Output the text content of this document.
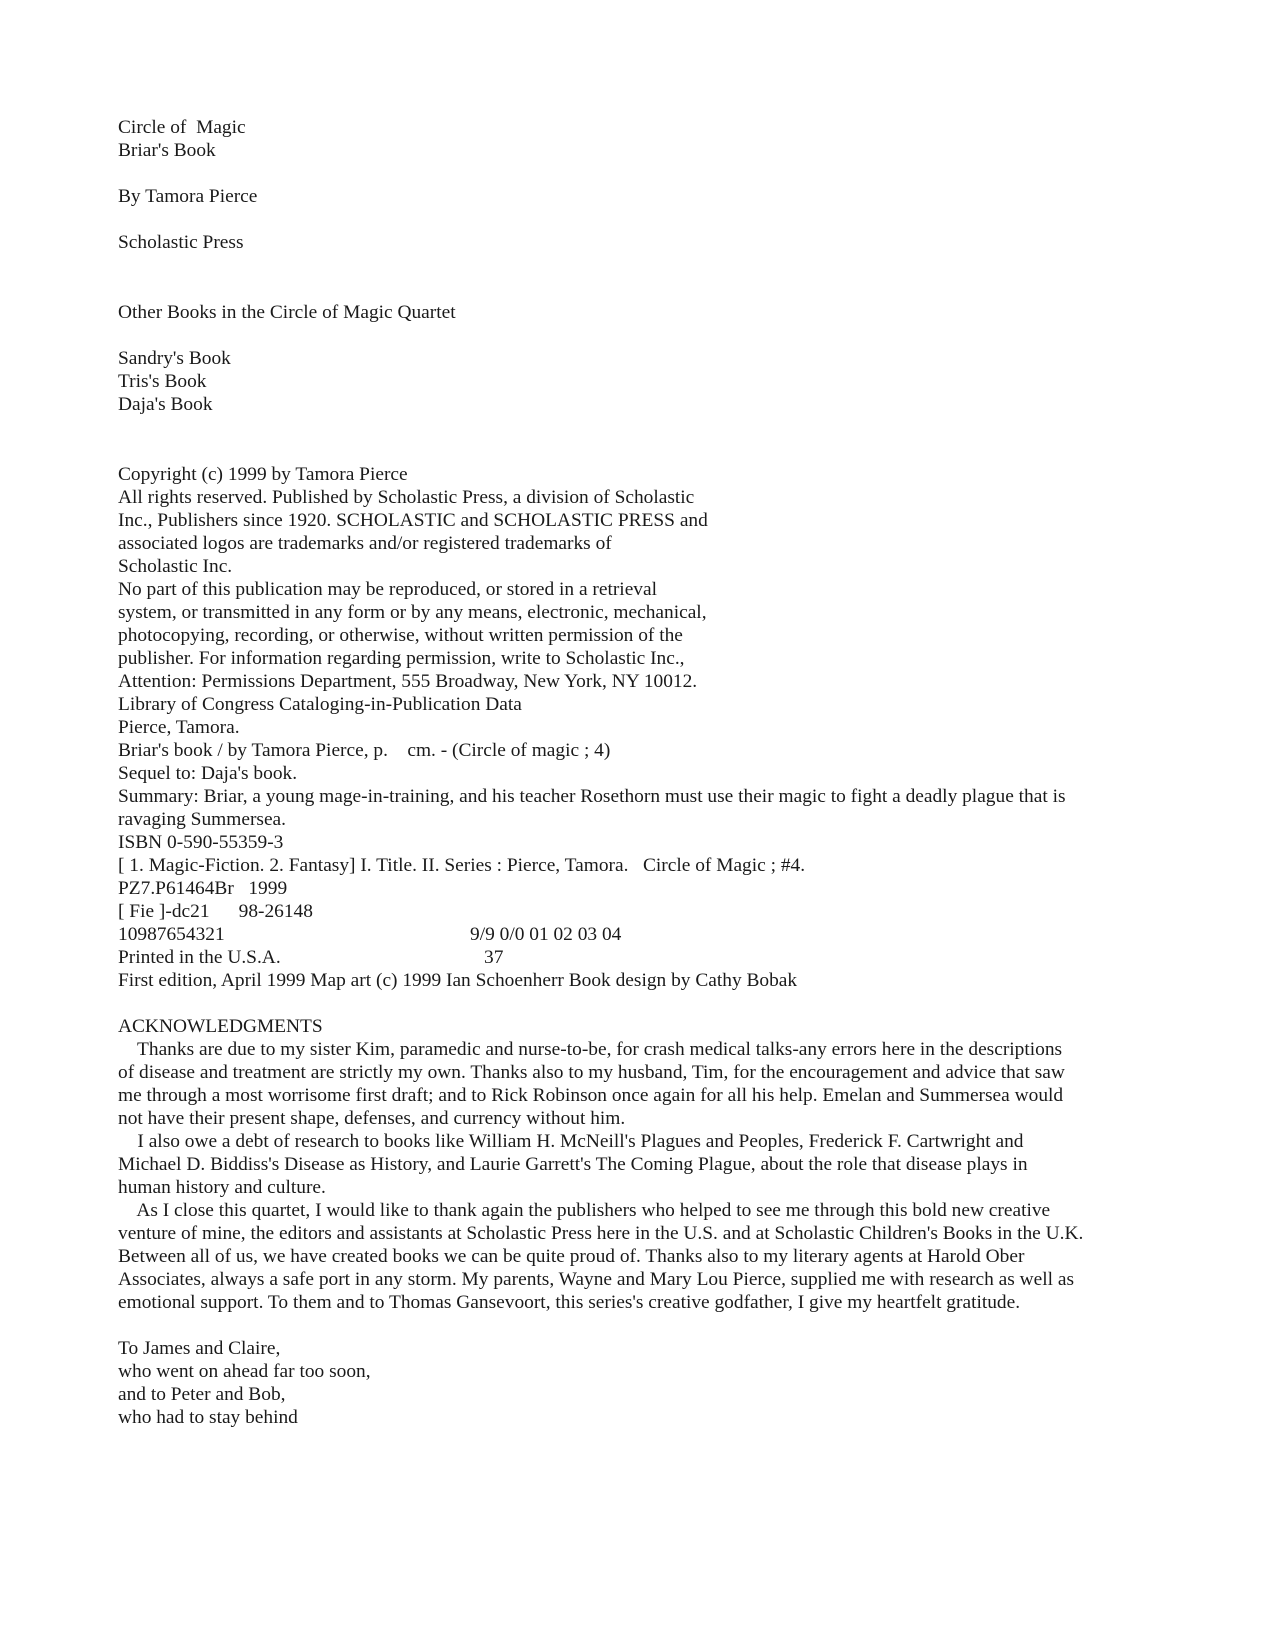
Circle of  Magic
Briar's Book
By Tamora Pierce
Scholastic Press
Other Books in the Circle of Magic Quartet
Sandry's Book
Tris's Book
Daja's Book
Copyright (c) 1999 by Tamora Pierce
All rights reserved. Published by Scholastic Press, a division of Scholastic
Inc., Publishers since 1920. SCHOLASTIC and SCHOLASTIC PRESS and
associated logos are trademarks and/or registered trademarks of
Scholastic Inc.
No part of this publication may be reproduced, or stored in a retrieval
system, or transmitted in any form or by any means, electronic, mechanical,
photocopying, recording, or otherwise, without written permission of the
publisher. For information regarding permission, write to Scholastic Inc.,
Attention: Permissions Department, 555 Broadway, New York, NY 10012.
Library of Congress Cataloging-in-Publication Data
Pierce, Tamora.
Briar's book / by Tamora Pierce, p.    cm. - (Circle of magic ; 4)
Sequel to: Daja's book.
Summary: Briar, a young mage-in-training, and his teacher Rosethorn must use their magic to fight a deadly plague that is
ravaging Summersea.
ISBN 0-590-55359-3
[ 1. Magic-Fiction. 2. Fantasy] I. Title. II. Series : Pierce, Tamora.   Circle of Magic ; #4.
PZ7.P61464Br   1999
[ Fie ]-dc21      98-26148
10987654321	9/9 0/0 01 02 03 04
Printed in the U.S.A.	37
First edition, April 1999 Map art (c) 1999 Ian Schoenherr Book design by Cathy Bobak
ACKNOWLEDGMENTS
Thanks are due to my sister Kim, paramedic and nurse-to-be, for crash medical talks-any errors here in the descriptions
of disease and treatment are strictly my own. Thanks also to my husband, Tim, for the encouragement and advice that saw
me through a most worrisome first draft; and to Rick Robinson once again for all his help. Emelan and Summersea would
not have their present shape, defenses, and currency without him.
I also owe a debt of research to books like William H. McNeill's Plagues and Peoples, Frederick F. Cartwright and
Michael D. Biddiss's Disease as History, and Laurie Garrett's The Coming Plague, about the role that disease plays in
human history and culture.
As I close this quartet, I would like to thank again the publishers who helped to see me through this bold new creative
venture of mine, the editors and assistants at Scholastic Press here in the U.S. and at Scholastic Children's Books in the U.K.
Between all of us, we have created books we can be quite proud of. Thanks also to my literary agents at Harold Ober
Associates, always a safe port in any storm. My parents, Wayne and Mary Lou Pierce, supplied me with research as well as
emotional support. To them and to Thomas Gansevoort, this series's creative godfather, I give my heartfelt gratitude.
To James and Claire,
who went on ahead far too soon,
and to Peter and Bob,
who had to stay behind
